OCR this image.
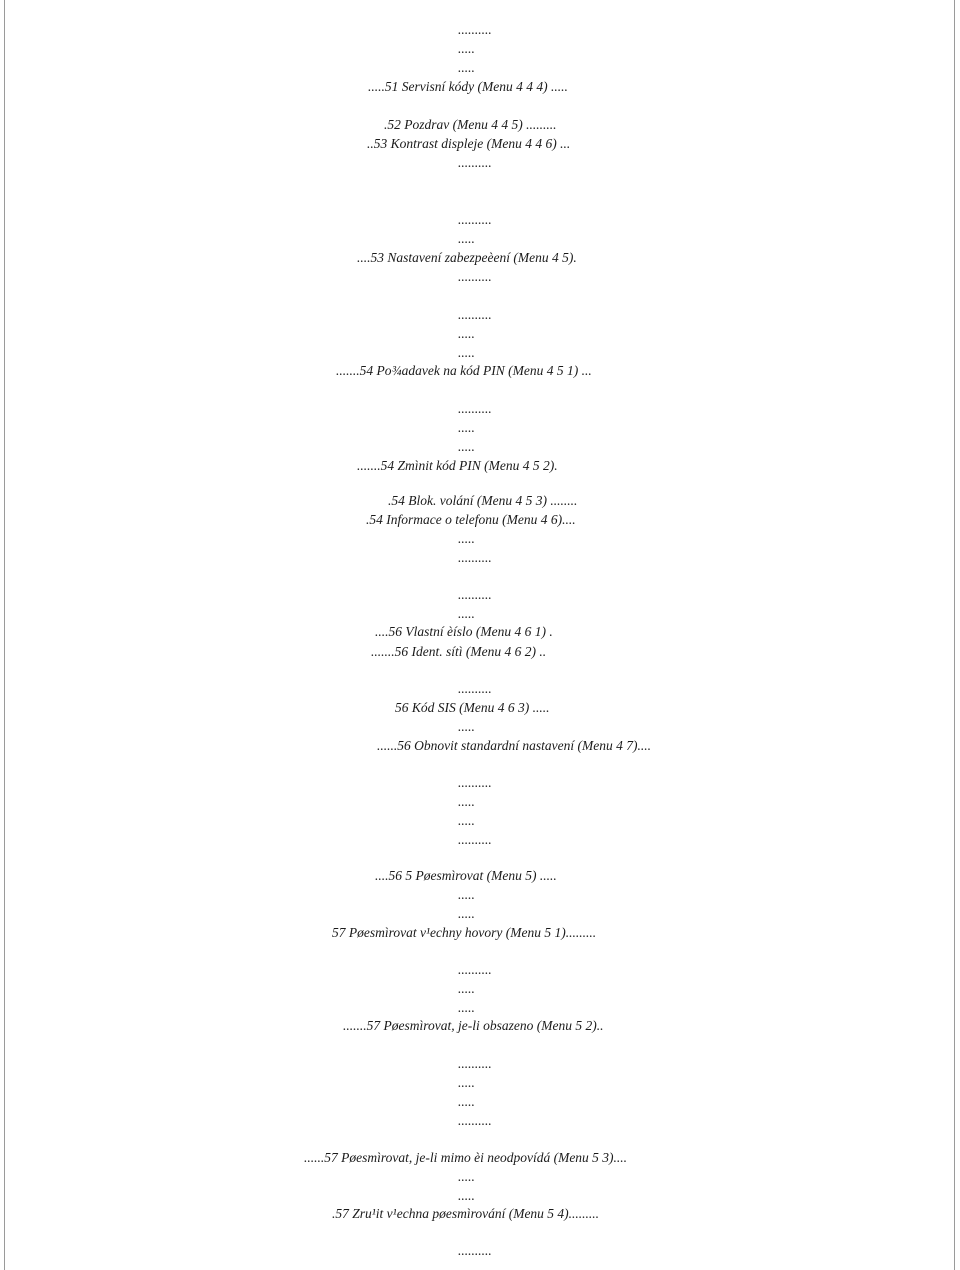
..........
.....
.....
.....51 Servisní kódy (Menu 4 4 4) .....
.52 Pozdrav (Menu 4 4 5) .........
..53 Kontrast displeje (Menu 4 4 6) ...
..........
..........
.....
....53 Nastavení zabezpeèení (Menu 4 5).
..........
..........
.....
.....
.......54 Po¾adavek na kód PIN (Menu 4 5 1) ...
..........
.....
.....
.......54 Zmìnit kód PIN (Menu 4 5 2).
.54 Blok. volání (Menu 4 5 3) ........
.54 Informace o telefonu (Menu 4 6)....
.....
..........
..........
.....
....56 Vlastní èíslo (Menu 4 6 1) .
.......56 Ident. sítì (Menu 4 6 2) ..
..........
56 Kód SIS (Menu 4 6 3) .....
.....
......56 Obnovit standardní nastavení (Menu 4 7)....
..........
.....
.....
..........
....56 5 Pøesmìrovat (Menu 5) .....
.....
.....
57 Pøesmìrovat v¹echny hovory (Menu 5 1).........
..........
.....
.....
.......57 Pøesmìrovat, je-li obsazeno (Menu 5 2)..
..........
.....
.....
..........
......57 Pøesmìrovat, je-li mimo èi neodpovídá (Menu 5 3)....
.....
.....
.57 Zru¹it v¹echna pøesmìrování (Menu 5 4).........
..........
